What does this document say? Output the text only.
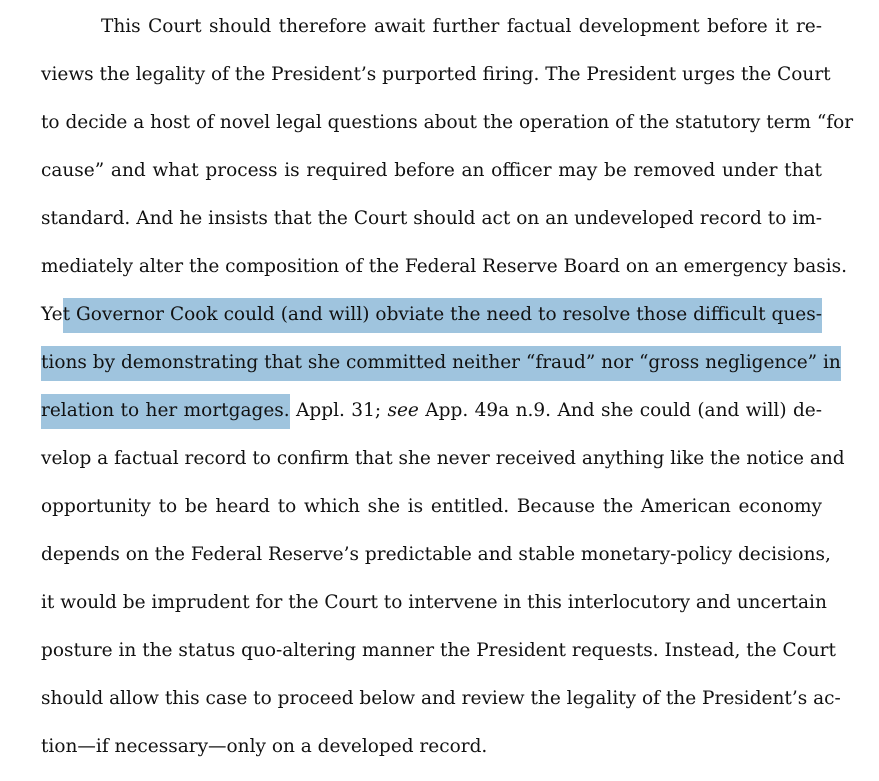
This Court should therefore await further factual development before it re-
views the legality of the President’s purported firing. The President urges the Court
to decide a host of novel legal questions about the operation of the statutory term “for
cause” and what process is required before an officer may be removed under that
standard. And he insists that the Court should act on an undeveloped record to im-
mediately alter the composition of the Federal Reserve Board on an emergency basis.
Yet Governor Cook could (and will) obviate the need to resolve those difficult ques-
tions by demonstrating that she committed neither “fraud” nor “gross negligence” in
relation to her mortgages. Appl. 31; see App. 49a n.9. And she could (and will) de-
velop a factual record to confirm that she never received anything like the notice and
opportunity to be heard to which she is entitled. Because the American economy
depends on the Federal Reserve’s predictable and stable monetary-policy decisions,
it would be imprudent for the Court to intervene in this interlocutory and uncertain
posture in the status quo-altering manner the President requests. Instead, the Court
should allow this case to proceed below and review the legality of the President’s ac-
tion—if necessary—only on a developed record.
